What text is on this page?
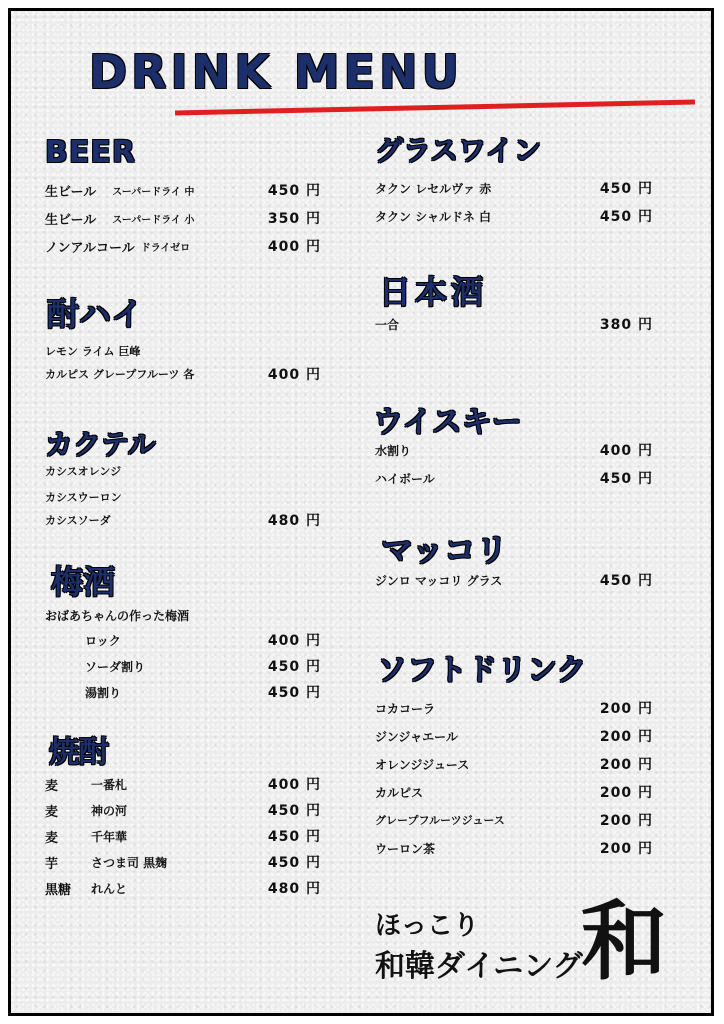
DRINK MENU
BEER
生ビール スーパードライ 中	450 円
生ビール スーパードライ 小	350 円
ノンアルコール ドライゼロ	400 円
酎ハイ
レモン ライム 巨峰
カルピス グレープフルーツ 各	400 円
カクテル
カシスオレンジ
カシスウーロン
カシスソーダ	480 円
梅酒
おばあちゃんの作った梅酒
ロック	400 円
ソーダ割り	450 円
湯割り	450 円
焼酎
麦	一番札	400 円
麦	神の河	450 円
麦	千年華	450 円
芋	さつま司 黒麹	450 円
黒糖	れんと	480 円
グラスワイン
タクン レセルヴァ 赤	450 円
タクン シャルドネ 白	450 円
日本酒
一合	380 円
ウイスキー
水割り	400 円
ハイボール	450 円
マッコリ
ジンロ マッコリ グラス	450 円
ソフトドリンク
コカコーラ	200 円
ジンジャエール	200 円
オレンジジュース	200 円
カルピス	200 円
グレープフルーツジュース	200 円
ウーロン茶	200 円
ほっこり
和韓ダイニング
和
